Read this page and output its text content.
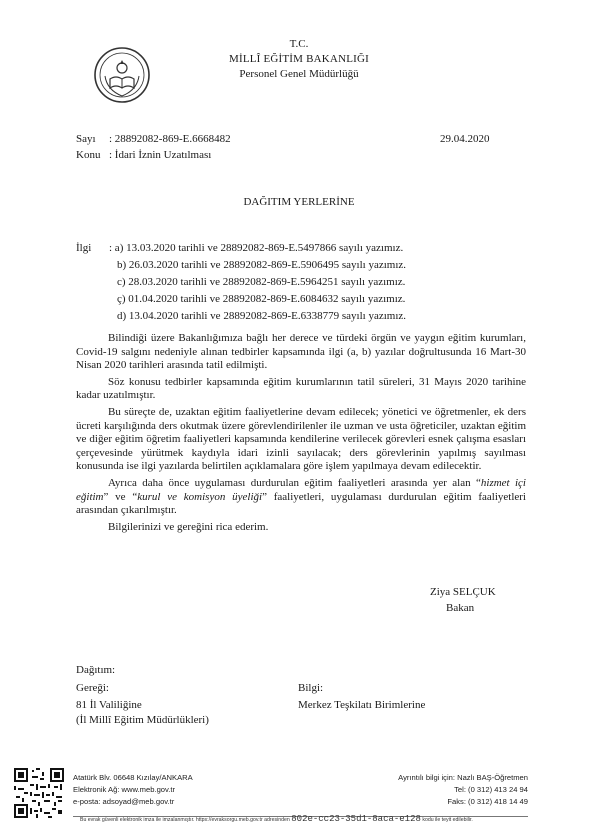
T.C.
MİLLÎ EĞİTİM BAKANLIĞI
Personel Genel Müdürlüğü
Sayı : 28892082-869-E.6668482	29.04.2020
Konu : İdari İznin Uzatılması
DAĞITIM YERLERİNE
İlgi : a) 13.03.2020 tarihli ve 28892082-869-E.5497866 sayılı yazımız.
b) 26.03.2020 tarihli ve 28892082-869-E.5906495 sayılı yazımız.
c) 28.03.2020 tarihli ve 28892082-869-E.5964251 sayılı yazımız.
ç) 01.04.2020 tarihli ve 28892082-869-E.6084632 sayılı yazımız.
d) 13.04.2020 tarihli ve 28892082-869-E.6338779 sayılı yazımız.

Bilindiği üzere Bakanlığımıza bağlı her derece ve türdeki örgün ve yaygın eğitim kurumları, Covid-19 salgını nedeniyle alınan tedbirler kapsamında ilgi (a, b) yazılar doğrultusunda 16 Mart-30 Nisan 2020 tarihleri arasında tatil edilmişti.

Söz konusu tedbirler kapsamında eğitim kurumlarının tatil süreleri, 31 Mayıs 2020 tarihine kadar uzatılmıştır.

Bu süreçte de, uzaktan eğitim faaliyetlerine devam edilecek; yönetici ve öğretmenler, ek ders ücreti karşılığında ders okutmak üzere görevlendirilenler ile uzman ve usta öğreticiler, uzaktan eğitim ve diğer eğitim öğretim faaliyetleri kapsamında kendilerine verilecek görevleri esnek çalışma esasları çerçevesinde yürütmek kaydıyla idari izinli sayılacak; ders görevlerinin yapılmış sayılması konusunda ise ilgi yazılarda belirtilen açıklamalara göre işlem yapılmaya devam edilecektir.

Ayrıca daha önce uygulaması durdurulan eğitim faaliyetleri arasında yer alan “hizmet içi eğitim” ve “kurul ve komisyon üyeliği” faaliyetleri, uygulaması durdurulan eğitim faaliyetleri arasından çıkarılmıştır.

Bilgilerinizi ve gereğini rica ederim.

Ziya SELÇUK
Bakan
Dağıtım:
Gereği:
81 İl Valiliğine
(İl Millî Eğitim Müdürlükleri)
Bilgi:
Merkez Teşkilatı Birimlerine
Atatürk Blv. 06648 Kızılay/ANKARA
Elektronik Ağ: www.meb.gov.tr
e-posta: adsoyad@meb.gov.tr
Ayrıntılı bilgi için: Nazlı BAŞ-Öğretmen
Tel: (0 312) 413 24 94
Faks: (0 312) 418 14 49
Bu evrak güvenli elektronik imza ile imzalanmıştır. https://evraksorgu.meb.gov.tr adresinden 802e-cc23-35d1-8aca-e128 kodu ile teyit edilebilir.
